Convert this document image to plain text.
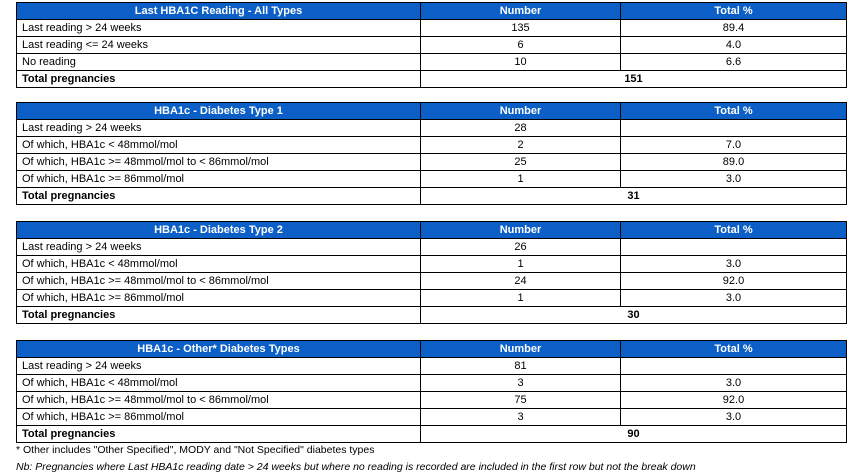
Last HBA1C Reading - All Types	Number	Total %
Last reading > 24 weeks	135	89.4
Last reading <= 24 weeks	6	4.0
No reading	10	6.6
Total pregnancies	151	
HBA1c - Diabetes Type 1	Number	Total %
Last reading > 24 weeks	28	
Of which, HBA1c < 48mmol/mol	2	7.0
Of which, HBA1c >= 48mmol/mol to < 86mmol/mol	25	89.0
Of which, HBA1c >= 86mmol/mol	1	3.0
Total pregnancies	31	
HBA1c - Diabetes Type 2	Number	Total %
Last reading > 24 weeks	26	
Of which, HBA1c < 48mmol/mol	1	3.0
Of which, HBA1c >= 48mmol/mol to < 86mmol/mol	24	92.0
Of which, HBA1c >= 86mmol/mol	1	3.0
Total pregnancies	30	
HBA1c - Other* Diabetes Types	Number	Total %
Last reading > 24 weeks	81	
Of which, HBA1c < 48mmol/mol	3	3.0
Of which, HBA1c >= 48mmol/mol to < 86mmol/mol	75	92.0
Of which, HBA1c >= 86mmol/mol	3	3.0
Total pregnancies	90	
* Other includes "Other Specified", MODY and "Not Specified" diabetes types
Nb: Pregnancies where Last HBA1c reading date > 24 weeks but where no reading is recorded are included in the first row but not the break down
